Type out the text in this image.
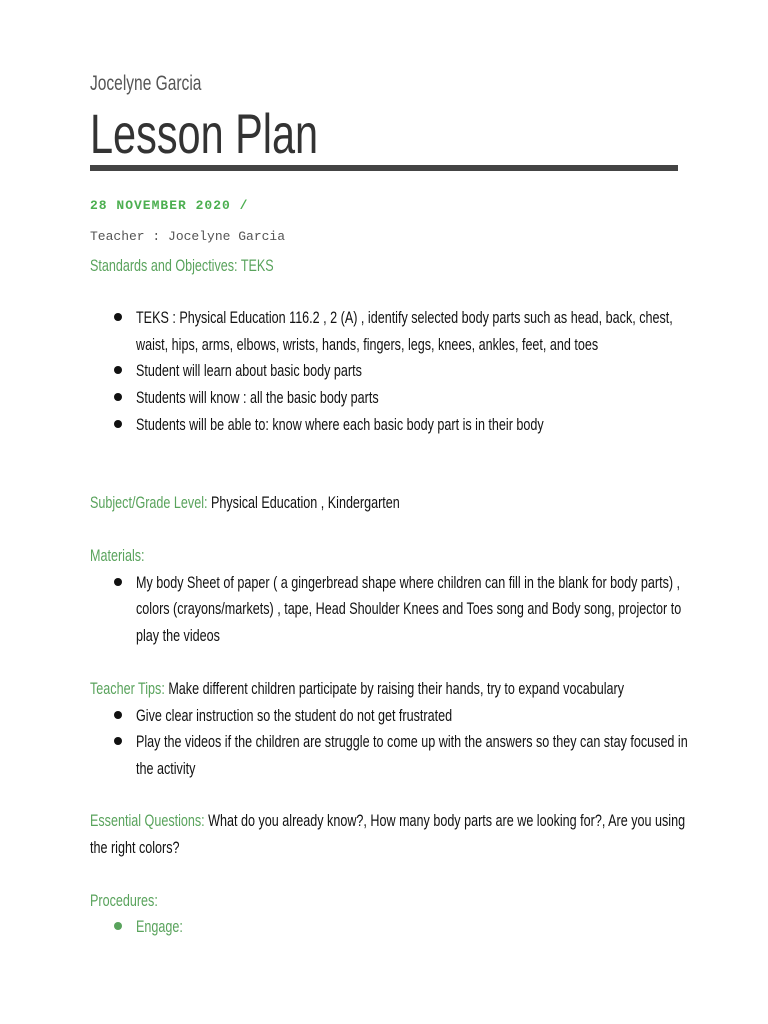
Jocelyne Garcia
Lesson Plan
28 NOVEMBER 2020 /
Teacher : Jocelyne Garcia
Standards and Objectives: TEKS
TEKS : Physical Education 116.2 , 2 (A) , identify selected body parts such as head, back, chest,
waist, hips, arms, elbows, wrists, hands, fingers, legs, knees, ankles, feet, and toes
Student will learn about basic body parts
Students will know : all the basic body parts
Students will be able to: know where each basic body part is in their body
Subject/Grade Level: Physical Education , Kindergarten
Materials:
My body Sheet of paper ( a gingerbread shape where children can fill in the blank for body parts) ,
colors (crayons/markets) , tape, Head Shoulder Knees and Toes song and Body song, projector to
play the videos
Teacher Tips: Make different children participate by raising their hands, try to expand vocabulary
Give clear instruction so the student do not get frustrated
Play the videos if the children are struggle to come up with the answers so they can stay focused in
the activity
Essential Questions: What do you already know?, How many body parts are we looking for?, Are you using
the right colors?
Procedures:
Engage:
